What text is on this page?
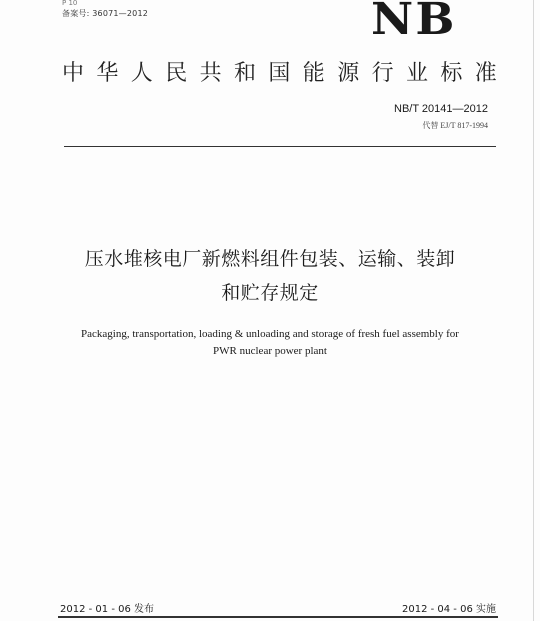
P 10
备案号: 36071—2012	NB
中华人民共和国能源行业标准
NB/T 20141—2012
代替 EJ/T 817-1994
压水堆核电厂新燃料组件包装、运输、装卸
和贮存规定
Packaging, transportation, loading & unloading and storage of fresh fuel assembly for
PWR nuclear power plant
2012 - 01 - 06 发布	2012 - 04 - 06 实施
